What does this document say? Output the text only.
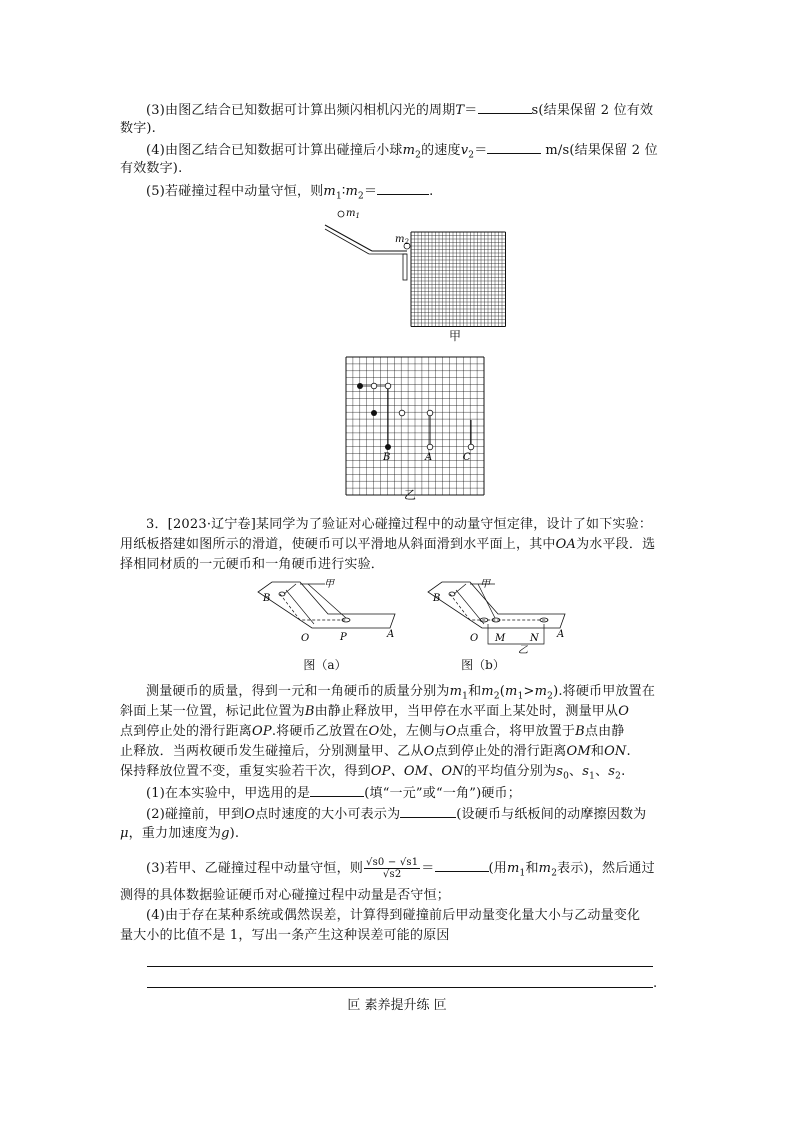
(3)由图乙结合已知数据可计算出频闪相机闪光的周期T＝	s(结果保留 2 位有效
数字).
(4)由图乙结合已知数据可计算出碰撞后小球$m_2$的速度$v_2=$	m/s(结果保留 2 位
有效数字).
(5)若碰撞过程中动量守恒，则$m_1∶m_2=$	.
$m_1$
$m_2$
甲
B	A	C
乙
3．[2023·辽宁卷]某同学为了验证对心碰撞过程中的动量守恒定律，设计了如下实验：
用纸板搭建如图所示的滑道，使硬币可以平滑地从斜面滑到水平面上，其中OA为水平段．选
择相同材质的一元硬币和一角硬币进行实验．
B
甲
O	P	A
图（a）
B
甲
O M N A
乙
图（b）
测量硬币的质量，得到一元和一角硬币的质量分别为$m_1$和$m_2(m_1>m_2)$.将硬币甲放置在
斜面上某一位置，标记此位置为B由静止释放甲，当甲停在水平面上某处时，测量甲从O
点到停止处的滑行距离OP.将硬币乙放置在O处，左侧与O点重合，将甲放置于B点由静
止释放．当两枚硬币发生碰撞后，分别测量甲、乙从O点到停止处的滑行距离OM和ON.
保持释放位置不变，重复实验若干次，得到OP、OM、ON的平均值分别为$s_0$、$s_1$、$s_2$.
(1)在本实验中，甲选用的是	(填“一元”或“一角”)硬币；
(2)碰撞前，甲到O点时速度的大小可表示为	(设硬币与纸板间的动摩擦因数为
μ，重力加速度为g).
(3)若甲、乙碰撞过程中动量守恒，则 $\frac{√s0 - √s1}{√s2}$ ＝	(用$m_1$和$m_2$表示)，然后通过
测得的具体数据验证硬币对心碰撞过程中动量是否守恒；
(4)由于存在某种系统或偶然误差，计算得到碰撞前后甲动量变化量大小与乙动量变化
量大小的比值不是 1，写出一条产生这种误差可能的原因
.
叵 素养提升练 叵
